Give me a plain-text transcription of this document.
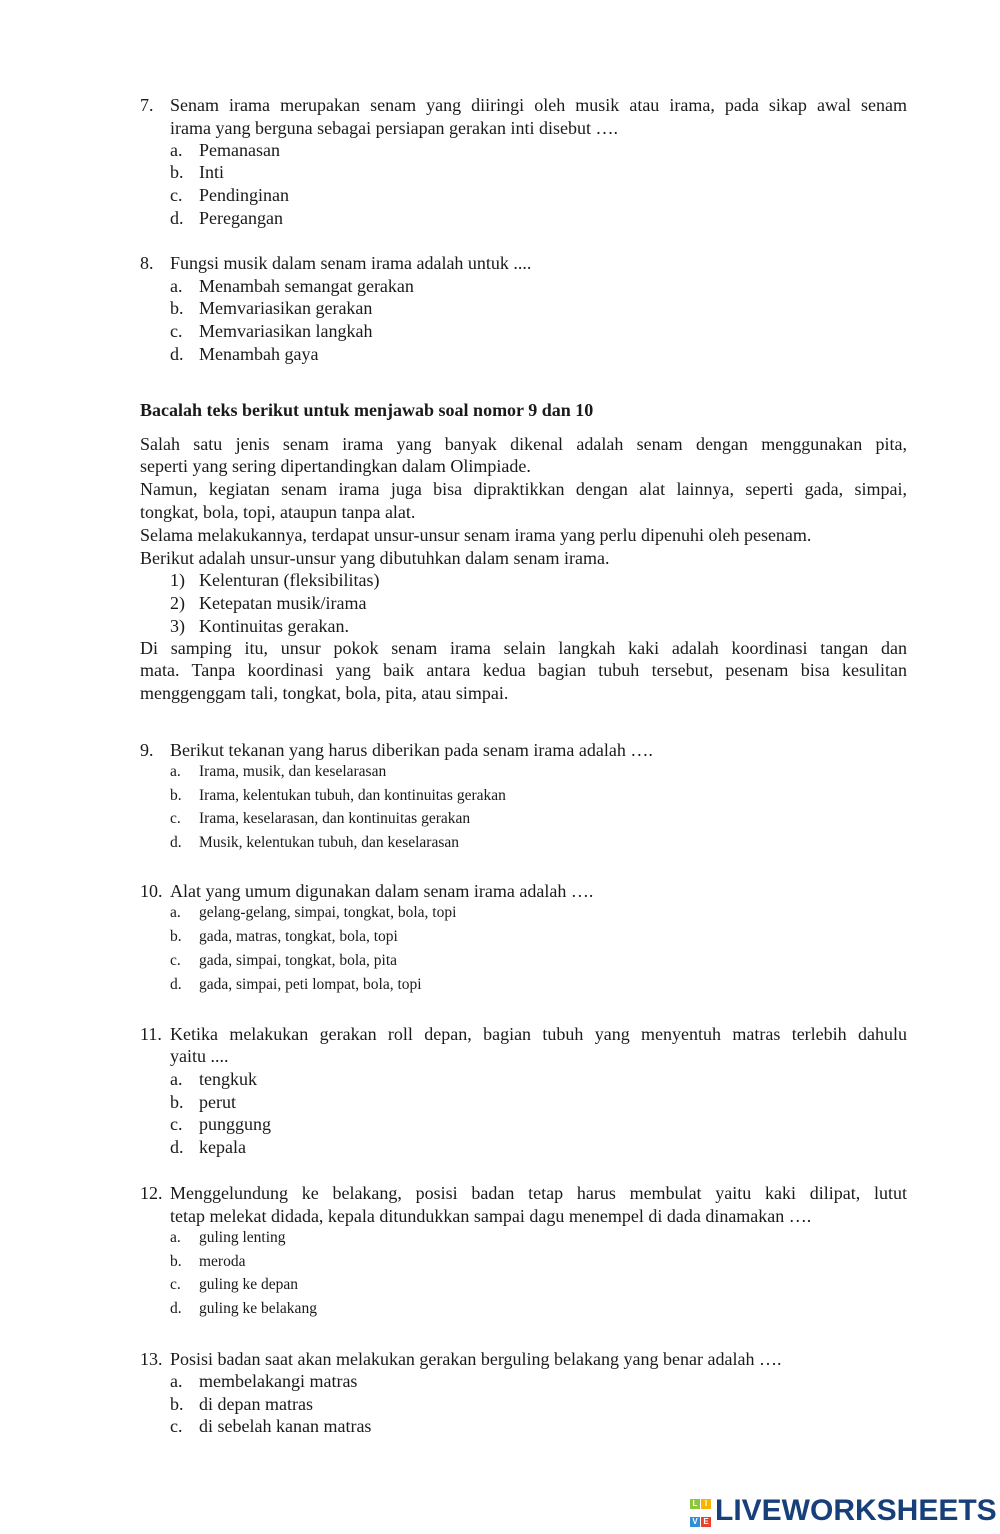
L I
V E LIVEWORKSHEETS
7. Senam irama merupakan senam yang diiringi oleh musik atau irama, pada sikap awal senam
irama yang berguna sebagai persiapan gerakan inti disebut ….
a. Pemanasan
b. Inti
c. Pendinginan
d. Peregangan
8. Fungsi musik dalam senam irama adalah untuk ....
a. Menambah semangat gerakan
b. Memvariasikan gerakan
c. Memvariasikan langkah
d. Menambah gaya
9. Berikut tekanan yang harus diberikan pada senam irama adalah ….
a. Irama, musik, dan keselarasan
b. Irama, kelentukan tubuh, dan kontinuitas gerakan
c. Irama, keselarasan, dan kontinuitas gerakan
d. Musik, kelentukan tubuh, dan keselarasan
10. Alat yang umum digunakan dalam senam irama adalah ….
a. gelang-gelang, simpai, tongkat, bola, topi
b. gada, matras, tongkat, bola, topi
c. gada, simpai, tongkat, bola, pita
d. gada, simpai, peti lompat, bola, topi
11. Ketika melakukan gerakan roll depan, bagian tubuh yang menyentuh matras terlebih dahulu
yaitu ....
a. tengkuk
b. perut
c. punggung
d. kepala
12. Menggelundung ke belakang, posisi badan tetap harus membulat yaitu kaki dilipat, lutut
tetap melekat didada, kepala ditundukkan sampai dagu menempel di dada dinamakan ….
a. guling lenting
b. meroda
c. guling ke depan
d. guling ke belakang
13. Posisi badan saat akan melakukan gerakan berguling belakang yang benar adalah ….
a. membelakangi matras
b. di depan matras
c. di sebelah kanan matras
Bacalah teks berikut untuk menjawab soal nomor 9 dan 10
Salah satu jenis senam irama yang banyak dikenal adalah senam dengan menggunakan pita,
seperti yang sering dipertandingkan dalam Olimpiade.
Namun, kegiatan senam irama juga bisa dipraktikkan dengan alat lainnya, seperti gada, simpai,
tongkat, bola, topi, ataupun tanpa alat.
Selama melakukannya, terdapat unsur-unsur senam irama yang perlu dipenuhi oleh pesenam.
Berikut adalah unsur-unsur yang dibutuhkan dalam senam irama.
1) Kelenturan (fleksibilitas)
2) Ketepatan musik/irama
3) Kontinuitas gerakan.
Di samping itu, unsur pokok senam irama selain langkah kaki adalah koordinasi tangan dan
mata. Tanpa koordinasi yang baik antara kedua bagian tubuh tersebut, pesenam bisa kesulitan
menggenggam tali, tongkat, bola, pita, atau simpai.
